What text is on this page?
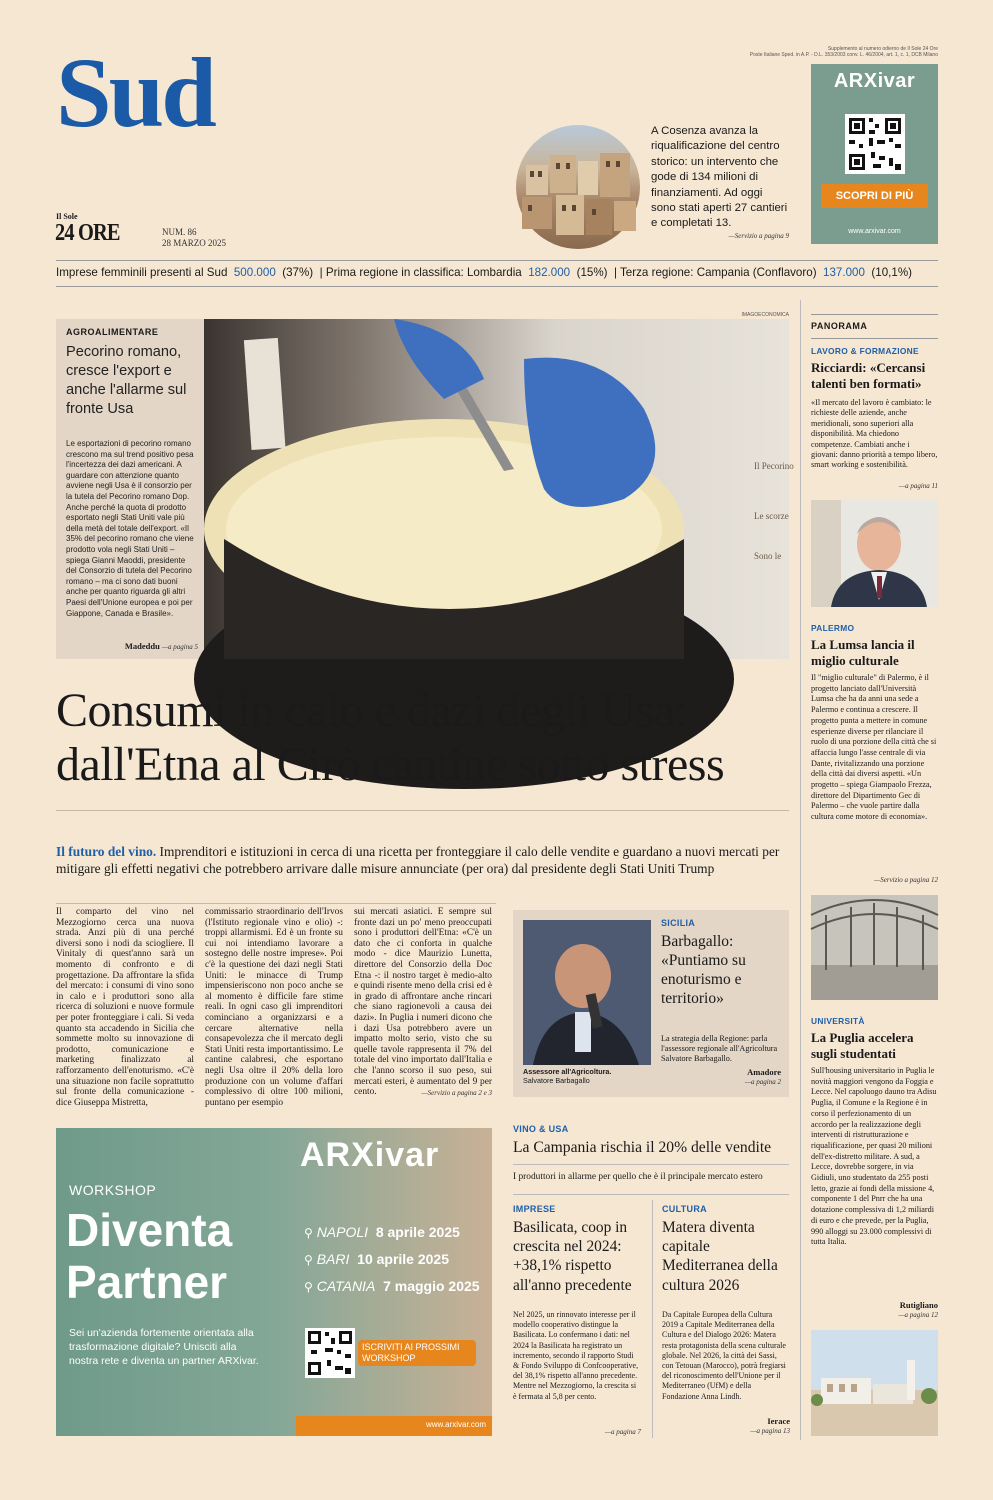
Sud
Il Sole
24 ORE	NUM. 86
28 MARZO 2025
Supplemento al numero odierno de Il Sole 24 Ore
Poste Italiane Sped. in A.P. - D.L. 353/2003 conv. L. 46/2004, art. 1, c. 1, DCB Milano
A Cosenza avanza la riqualificazione del centro storico: un intervento che gode di 134 milioni di finanziamenti. Ad oggi sono stati aperti 27 cantieri e completati 13.
—Servizio a pagina 9
ARXivar
SCOPRI DI PIÙ
www.arxivar.com
Imprese femminili presenti al Sud 500.000 (37%) | Prima regione in classifica: Lombardia 182.000 (15%) | Terza regione: Campania (Conflavoro) 137.000 (10,1%)
IMAGOECONOMICA
AGROALIMENTARE
Pecorino romano, cresce l'export e anche l'allarme sul fronte Usa
Le esportazioni di pecorino romano crescono ma sul trend positivo pesa l'incertezza dei dazi americani. A guardare con attenzione quanto avviene negli Usa è il consorzio per la tutela del Pecorino romano Dop. Anche perché la quota di prodotto esportato negli Stati Uniti vale più della metà del totale dell'export. «Il 35% del pecorino romano che viene prodotto vola negli Stati Uniti – spiega Gianni Maoddi, presidente del Consorzio di tutela del Pecorino romano – ma ci sono dati buoni anche per quanto riguarda gli altri Paesi dell'Unione europea e poi per Giappone, Canada e Brasile».
Madeddu —a pagina 5
Il Pecorino
Le scorze
Sono le
Consumi in calo e dazi degli Usa:
dall'Etna al Cirò cantine sotto stress
Il futuro del vino. Imprenditori e istituzioni in cerca di una ricetta per fronteggiare il calo delle vendite e guardano a nuovi mercati per mitigare gli effetti negativi che potrebbero arrivare dalle misure annunciate (per ora) dal presidente degli Stati Uniti Trump
Il comparto del vino nel Mezzogiorno cerca una nuova strada. Anzi più di una perché diversi sono i nodi da sciogliere. Il Vinitaly di quest'anno sarà un momento di confronto e di progettazione. Da affrontare la sfida del mercato: i consumi di vino sono in calo e i produttori sono alla ricerca di soluzioni e nuove formule per poter fronteggiare i cali. Si veda quanto sta accadendo in Sicilia che sommette molto su innovazione di prodotto, comunicazione e marketing finalizzato al rafforzamento dell'enoturismo. «C'è una situazione non facile soprattutto sul fronte della comunicazione - dice Giuseppa Mistretta,
commissario straordinario dell'Irvos (l'Istituto regionale vino e olio) -: troppi allarmismi. Ed è un fronte su cui noi intendiamo lavorare a sostegno delle nostre imprese». Poi c'è la questione dei dazi negli Stati Uniti: le minacce di Trump impensieriscono non poco anche se al momento è difficile fare stime reali. In ogni caso gli imprenditori cominciano a organizzarsi e a cercare alternative nella consapevolezza che il mercato degli Stati Uniti resta importantissimo. Le cantine calabresi, che esportano negli Usa oltre il 20% della loro produzione con un volume d'affari complessivo di oltre 100 milioni, puntano per esempio
sui mercati asiatici. E sempre sul fronte dazi un po' meno preoccupati sono i produttori dell'Etna: «C'è un dato che ci conforta in qualche modo - dice Maurizio Lunetta, direttore del Consorzio della Doc Etna -: il nostro target è medio-alto e quindi risente meno della crisi ed è in grado di affrontare anche rincari che siano ragionevoli a causa dei dazi». In Puglia i numeri dicono che i dazi Usa potrebbero avere un impatto molto serio, visto che su quelle tavole rappresenta il 7% del totale del vino importato dall'Italia e che l'anno scorso il suo peso, sui mercati esteri, è aumentato del 9 per cento.	—Servizio a pagina 2 e 3
Assessore all'Agricoltura.
Salvatore Barbagallo
SICILIA
Barbagallo: «Puntiamo su enoturismo e territorio»
La strategia della Regione: parla l'assessore regionale all'Agricoltura Salvatore Barbagallo.
Amadore
—a pagina 2
ARXivar
WORKSHOP
Diventa
Partner
⚲ NAPOLI 8 aprile 2025
⚲ BARI 10 aprile 2025
⚲ CATANIA 7 maggio 2025
Sei un'azienda fortemente orientata alla trasformazione digitale? Unisciti alla nostra rete e diventa un partner ARXivar.
ISCRIVITI AI PROSSIMI WORKSHOP
www.arxivar.com
VINO & USA
La Campania rischia il 20% delle vendite
I produttori in allarme per quello che è il principale mercato estero
IMPRESE
Basilicata, coop in crescita nel 2024: +38,1% rispetto all'anno precedente
Nel 2025, un rinnovato interesse per il modello cooperativo distingue la Basilicata. Lo confermano i dati: nel 2024 la Basilicata ha registrato un incremento, secondo il rapporto Studi & Fondo Sviluppo di Confcooperative, del 38,1% rispetto all'anno precedente. Mentre nel Mezzogiorno, la crescita si è fermata al 5,8 per cento.
—a pagina 7
CULTURA
Matera diventa capitale Mediterranea della cultura 2026
Da Capitale Europea della Cultura 2019 a Capitale Mediterranea della Cultura e del Dialogo 2026: Matera resta protagonista della scena culturale globale. Nel 2026, la città dei Sassi, con Tetouan (Marocco), potrà fregiarsi del riconoscimento dell'Unione per il Mediterraneo (UfM) e della Fondazione Anna Lindh.
Ierace
—a pagina 13
PANORAMA
LAVORO & FORMAZIONE
Ricciardi: «Cercansi talenti ben formati»
«Il mercato del lavoro è cambiato: le richieste delle aziende, anche meridionali, sono superiori alla disponibilità. Ma chiedono competenze. Cambiati anche i giovani: danno priorità a tempo libero, smart working e sostenibilità.
—a pagina 11
PALERMO
La Lumsa lancia il miglio culturale
Il "miglio culturale" di Palermo, è il progetto lanciato dall'Università Lumsa che ha da anni una sede a Palermo e continua a crescere. Il progetto punta a mettere in comune esperienze diverse per rilanciare il ruolo di una porzione della città che si affaccia lungo l'asse centrale di via Dante, rivitalizzando una porzione della città dai diversi aspetti. «Un progetto – spiega Giampaolo Frezza, direttore del Dipartimento Gec di Palermo – che vuole partire dalla cultura come motore di economia».
—Servizio a pagina 12
UNIVERSITÀ
La Puglia accelera sugli studentati
Sull'housing universitario in Puglia le novità maggiori vengono da Foggia e Lecce. Nel capoluogo dauno tra Adisu Puglia, il Comune e la Regione è in corso il perfezionamento di un accordo per la realizzazione degli interventi di ristrutturazione e riqualificazione, per quasi 20 milioni dell'ex-distretto militare. A sud, a Lecce, dovrebbe sorgere, in via Gidiuli, uno studentato da 255 posti letto, grazie ai fondi della missione 4, componente 1 del Pnrr che ha una dotazione complessiva di 1,2 miliardi di euro e che prevede, per la Puglia, 990 alloggi su 23.000 complessivi di tutta Italia.
Rutigliano
—a pagina 12
